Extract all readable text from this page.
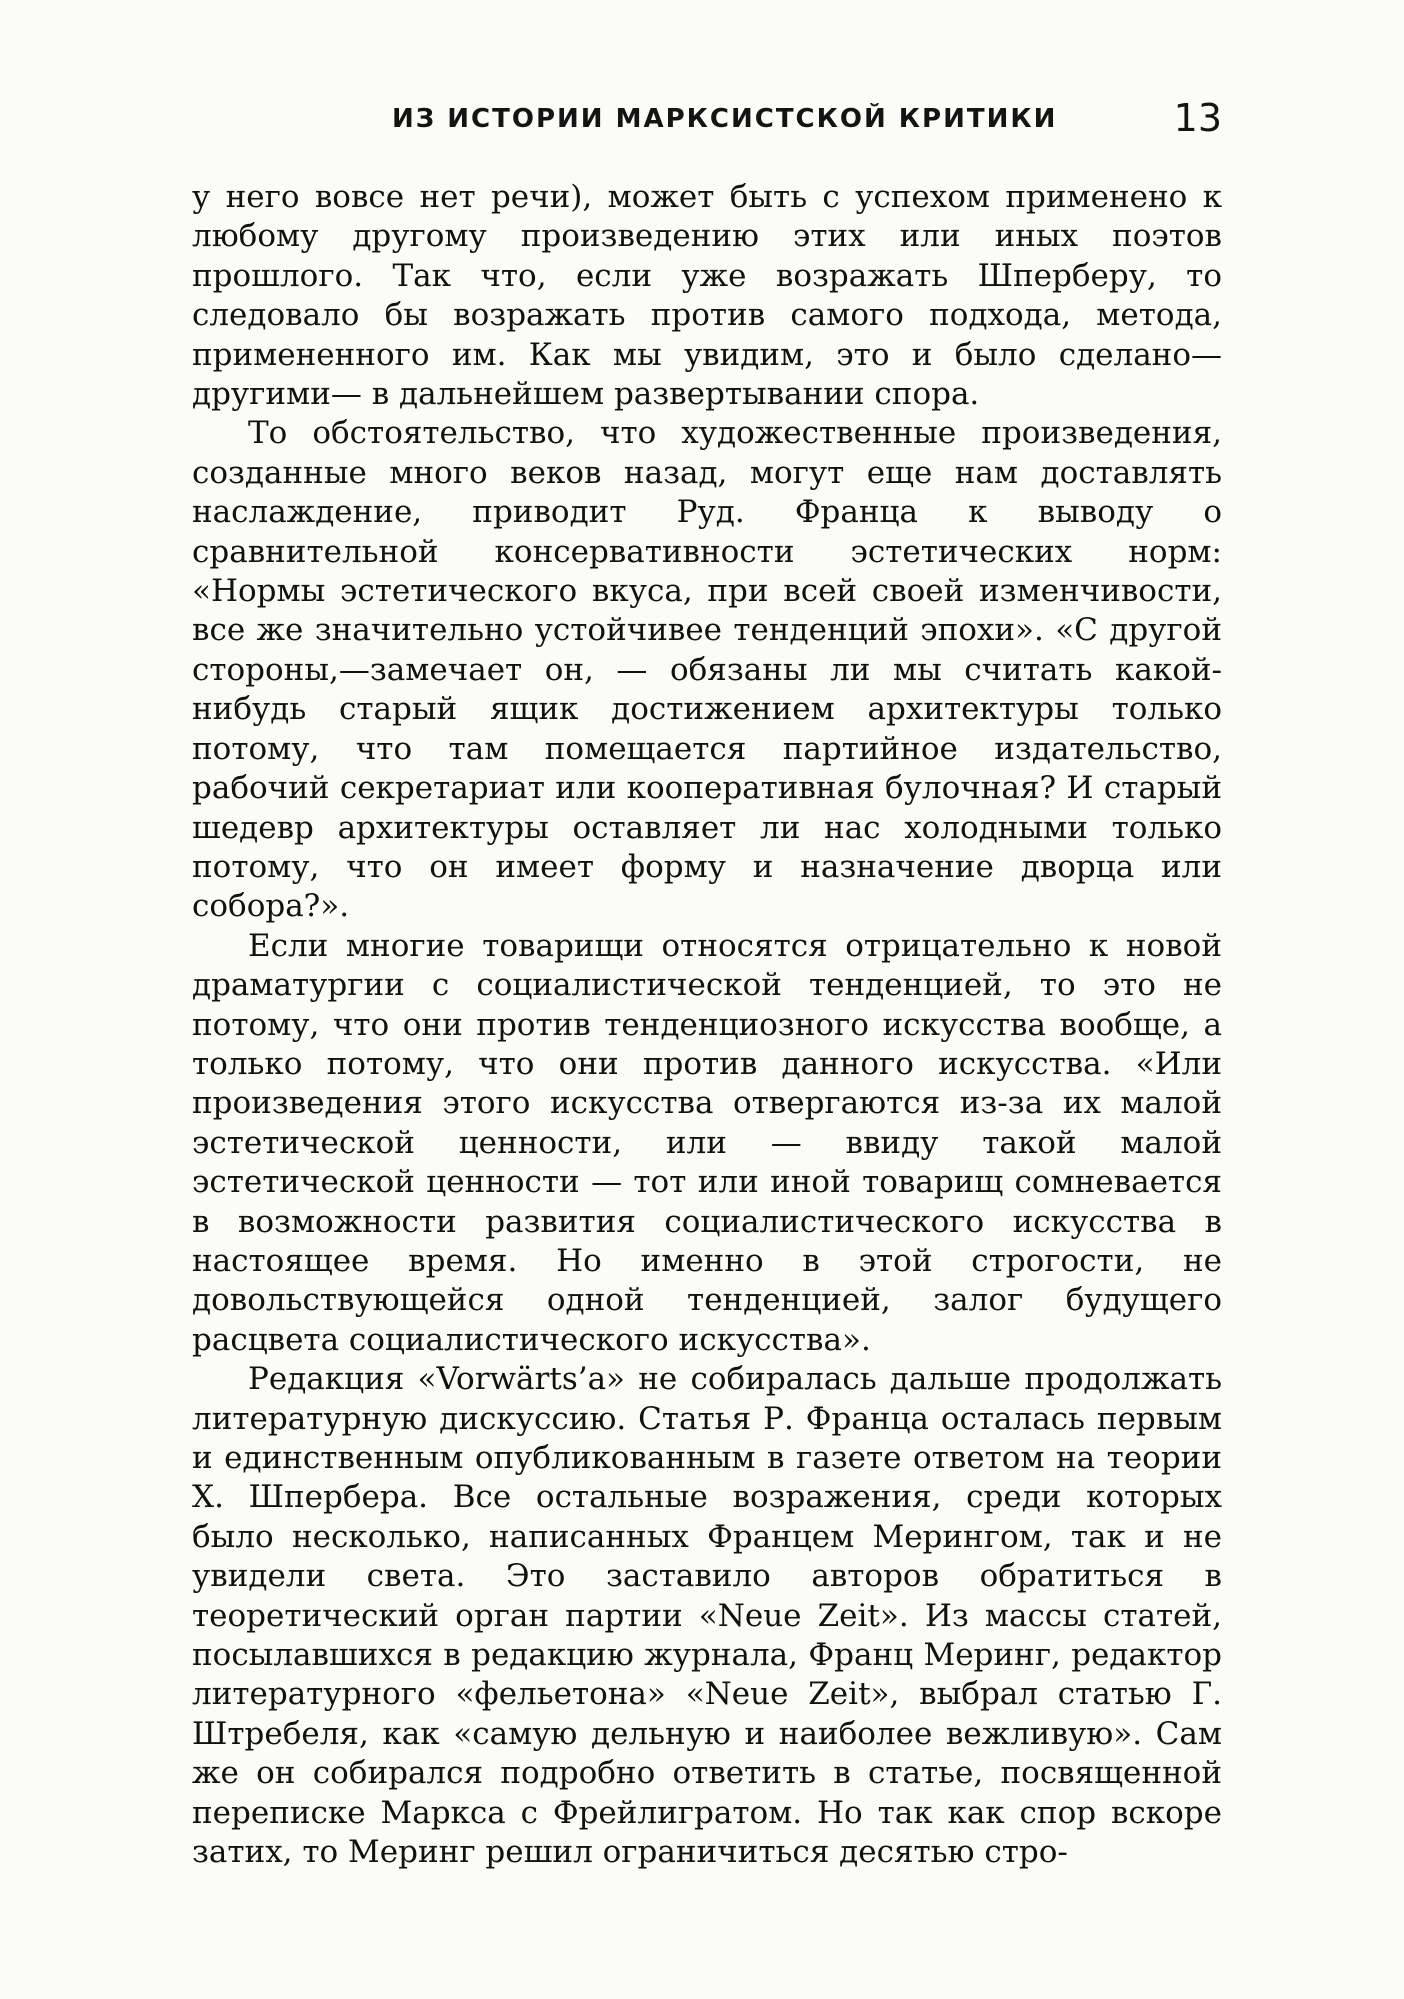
ИЗ ИСТОРИИ МАРКСИСТСКОЙ КРИТИКИ	13

у него вовсе нет речи), может быть с успехом применено к любому другому произведению этих или иных поэтов прошлого. Так что, если уже возражать Шперберу, то следовало бы возражать против самого подхода, метода, примененного им. Как мы увидим, это и было сделано—другими— в дальнейшем развертывании спора.

То обстоятельство, что художественные произведения, созданные много веков назад, могут еще нам доставлять наслаждение, приводит Руд. Франца к выводу о сравнительной консервативности эстетических норм: «Нормы эстетического вкуса, при всей своей изменчивости, все же значительно устойчивее тенденций эпохи». «С другой стороны,—замечает он, — обязаны ли мы считать какой-нибудь старый ящик достижением архитектуры только потому, что там помещается партийное издательство, рабочий секретариат или кооперативная булочная? И старый шедевр архитектуры оставляет ли нас холодными только потому, что он имеет форму и назначение дворца или собора?».

Если многие товарищи относятся отрицательно к новой драматургии с социалистической тенденцией, то это не потому, что они против тенденциозного искусства вообще, а только потому, что они против данного искусства. «Или произведения этого искусства отвергаются из-за их малой эстетической ценности, или — ввиду такой малой эстетической ценности — тот или иной товарищ сомневается в возможности развития социалистического искусства в настоящее время. Но именно в этой строгости, не довольствующейся одной тенденцией, залог будущего расцвета социалистического искусства».

Редакция «Vorwärts’a» не собиралась дальше продолжать литературную дискуссию. Статья Р. Франца осталась первым и единственным опубликованным в газете ответом на теории X. Шпербера. Все остальные возражения, среди которых было несколько, написанных Францем Мерингом, так и не увидели света. Это заставило авторов обратиться в теоретический орган партии «Neue Zeit». Из массы статей, посылавшихся в редакцию журнала, Франц Меринг, редактор литературного «фельетона» «Neue Zeit», выбрал статью Г. Штребеля, как «самую дельную и наиболее вежливую». Сам же он собирался подробно ответить в статье, посвященной переписке Маркса с Фрейлигратом. Но так как спор вскоре затих, то Меринг решил ограничиться десятью стро-
